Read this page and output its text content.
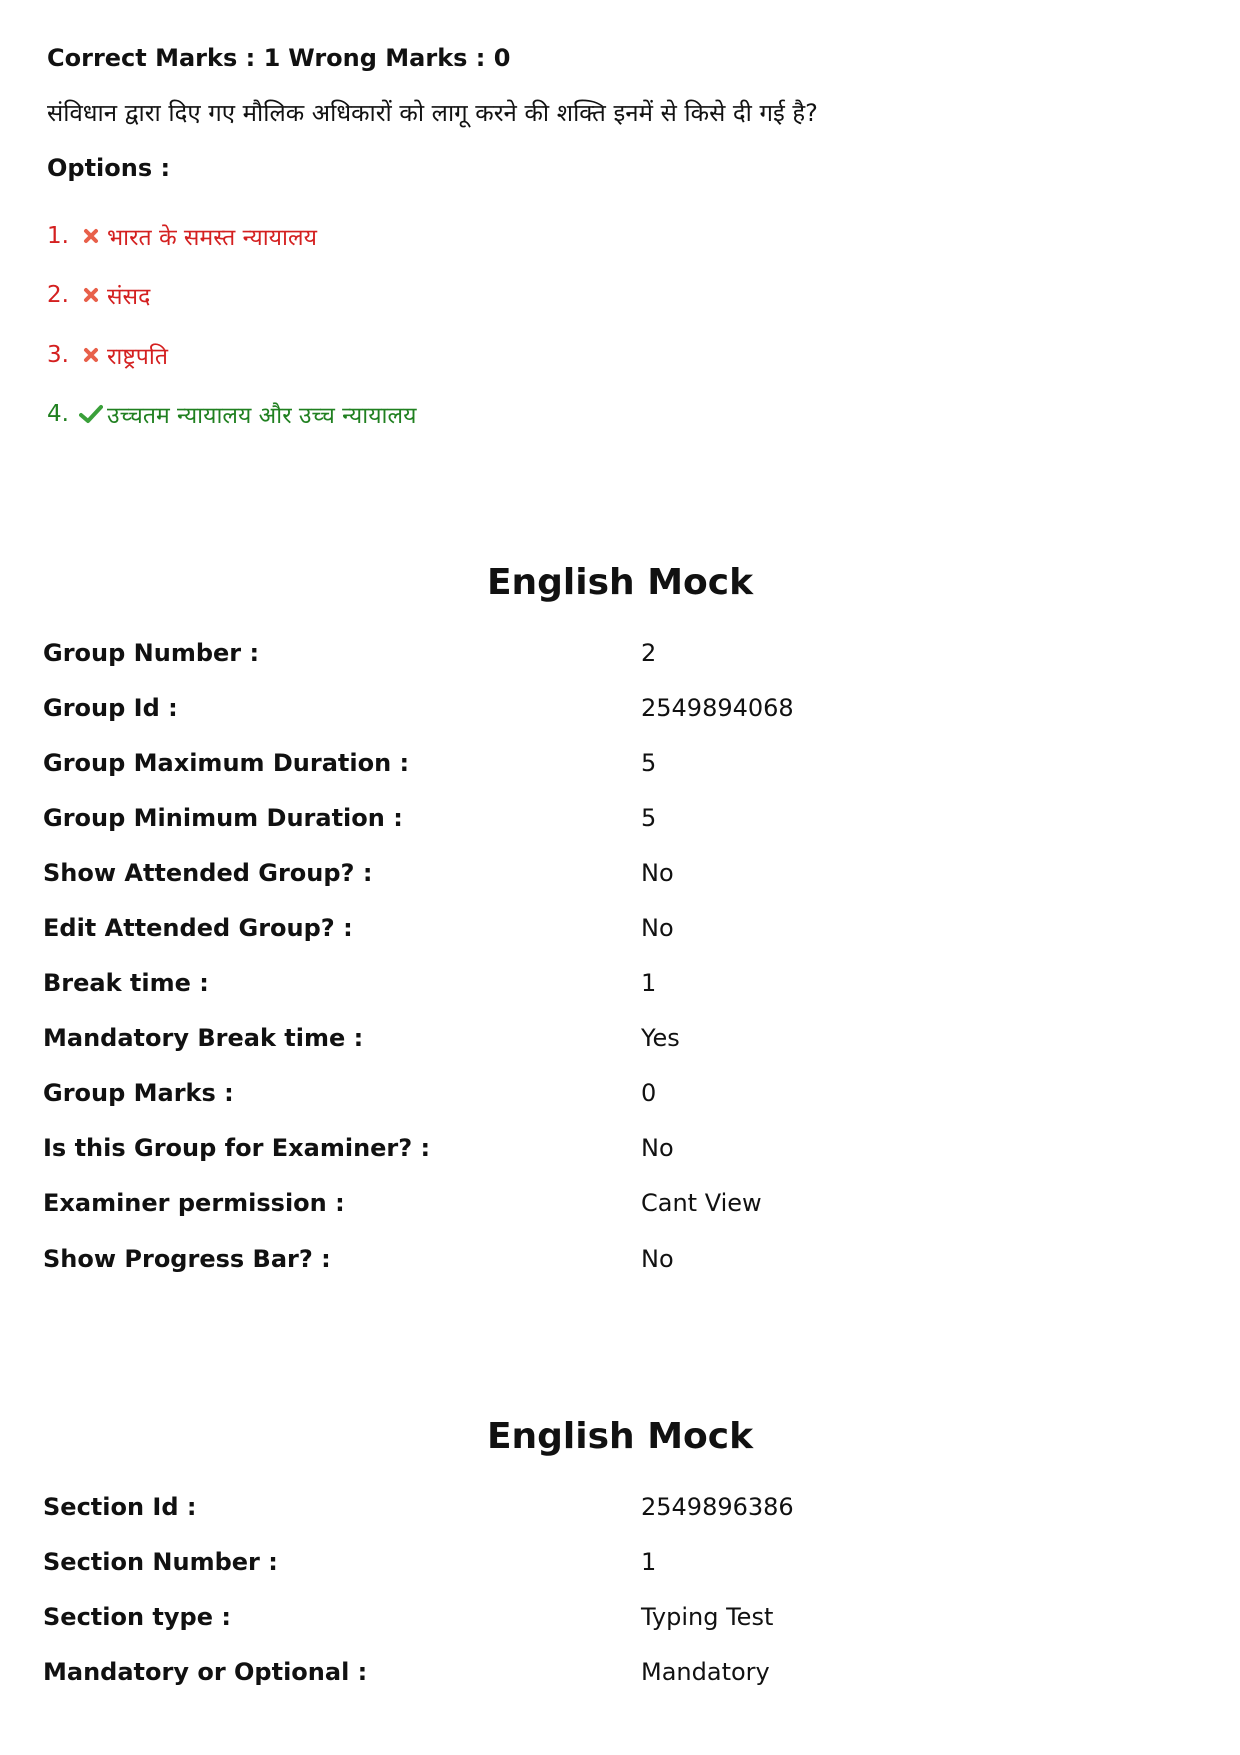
Correct Marks : 1 Wrong Marks : 0
संविधान द्वारा दिए गए मौलिक अधिकारों को लागू करने की शक्ति इनमें से किसे दी गई है?
Options :
1. भारत के समस्त न्यायालय
2. संसद
3. राष्ट्रपति
4. उच्चतम न्यायालय और उच्च न्यायालय
English Mock
Group Number :	2
Group Id :	2549894068
Group Maximum Duration :	5
Group Minimum Duration :	5
Show Attended Group? :	No
Edit Attended Group? :	No
Break time :	1
Mandatory Break time :	Yes
Group Marks :	0
Is this Group for Examiner? :	No
Examiner permission :	Cant View
Show Progress Bar? :	No
English Mock
Section Id :	2549896386
Section Number :	1
Section type :	Typing Test
Mandatory or Optional :	Mandatory
